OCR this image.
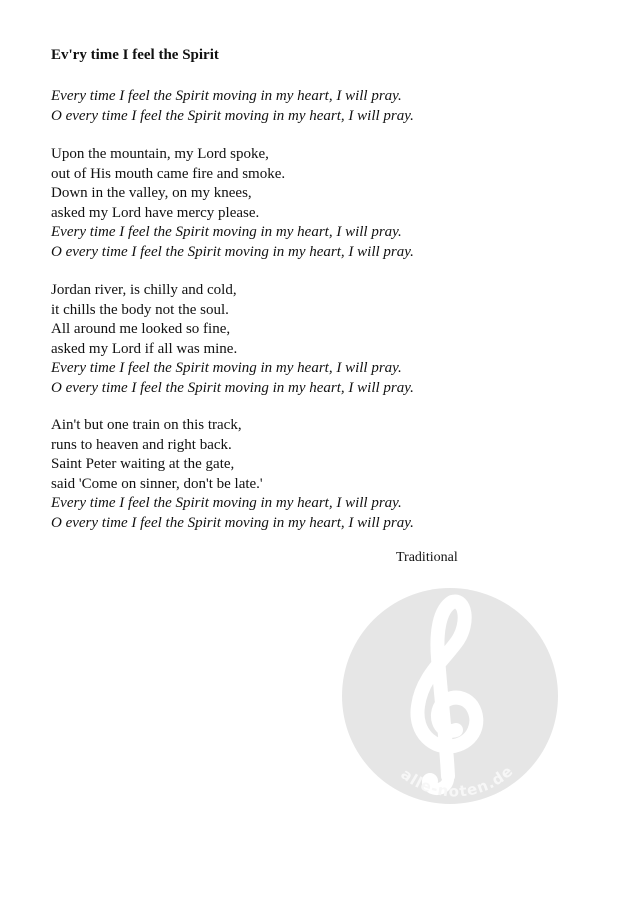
Ev'ry time I feel the Spirit
Every time I feel the Spirit moving in my heart, I will pray.
O every time I feel the Spirit moving in my heart, I will pray.
Upon the mountain, my Lord spoke,
out of His mouth came fire and smoke.
Down in the valley, on my knees,
asked my Lord have mercy please.
Every time I feel the Spirit moving in my heart, I will pray.
O every time I feel the Spirit moving in my heart, I will pray.
Jordan river, is chilly and cold,
it chills the body not the soul.
All around me looked so fine,
asked my Lord if all was mine.
Every time I feel the Spirit moving in my heart, I will pray.
O every time I feel the Spirit moving in my heart, I will pray.
Ain't but one train on this track,
runs to heaven and right back.
Saint Peter waiting at the gate,
said 'Come on sinner, don't be late.'
Every time I feel the Spirit moving in my heart, I will pray.
O every time I feel the Spirit moving in my heart, I will pray.

Traditional

alle-noten.de
